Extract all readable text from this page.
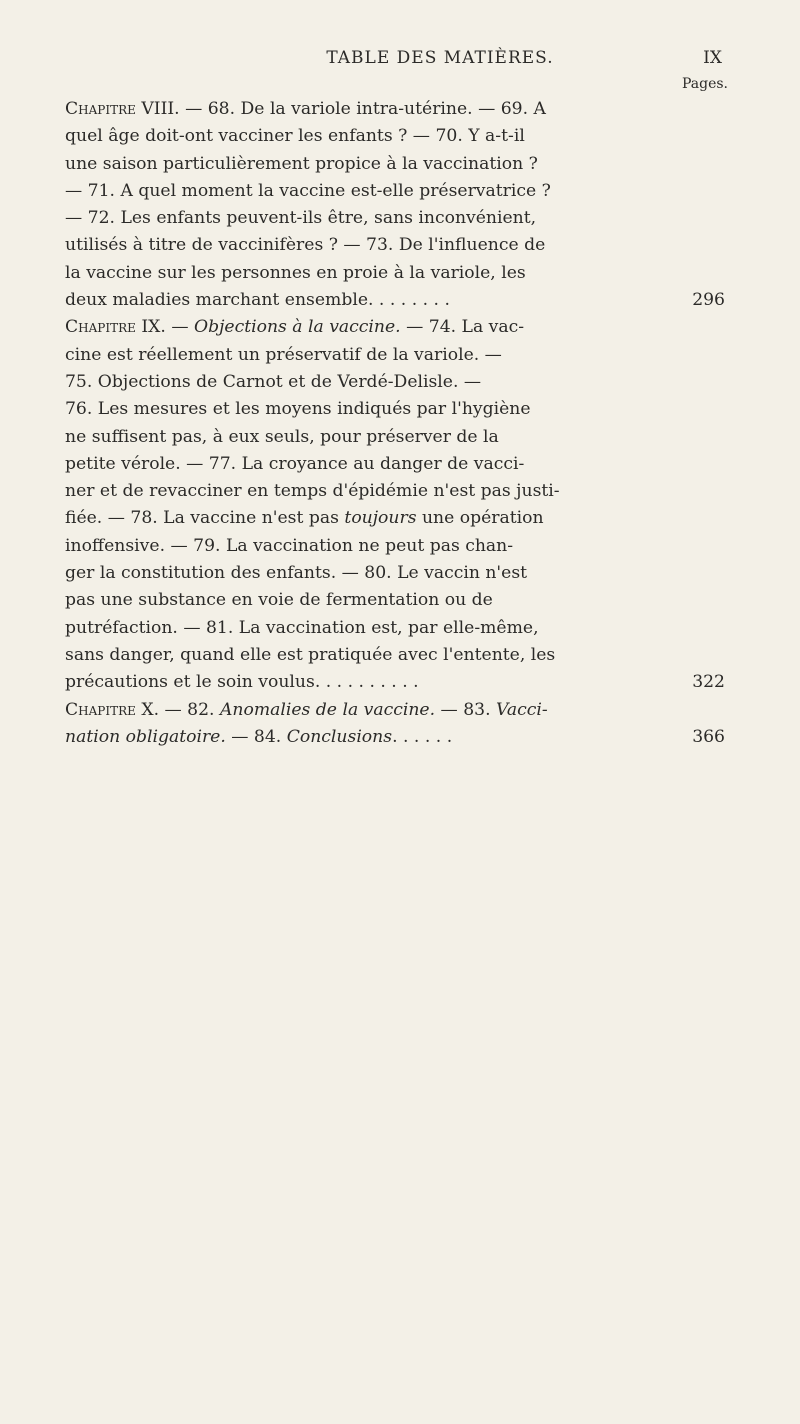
TABLE DES MATIÈRES.	IX
Pages.

Chapitre VIII. — 68. De la variole intra-utérine. — 69. A
quel âge doit-ont vacciner les enfants ? — 70. Y a-t-il
une saison particulièrement propice à la vaccination ?
— 71. A quel moment la vaccine est-elle préservatrice ?
— 72. Les enfants peuvent-ils être, sans inconvénient,
utilisés à titre de vaccinifères ? — 73. De l'influence de
la vaccine sur les personnes en proie à la variole, les
deux maladies marchant ensemble. . . . . . . .	296

Chapitre IX. — Objections à la vaccine. — 74. La vac-
cine est réellement un préservatif de la variole. —
75. Objections de Carnot et de Verdé-Delisle. —
76. Les mesures et les moyens indiqués par l'hygiène
ne suffisent pas, à eux seuls, pour préserver de la
petite vérole. — 77. La croyance au danger de vacci-
ner et de revacciner en temps d'épidémie n'est pas justi-
fiée. — 78. La vaccine n'est pas toujours une opération
inoffensive. — 79. La vaccination ne peut pas chan-
ger la constitution des enfants. — 80. Le vaccin n'est
pas une substance en voie de fermentation ou de
putréfaction. — 81. La vaccination est, par elle-même,
sans danger, quand elle est pratiquée avec l'entente, les
précautions et le soin voulus. . . . . . . . . .	322

Chapitre X. — 82. Anomalies de la vaccine. — 83. Vacci-
nation obligatoire. — 84. Conclusions. . . . . .	366
